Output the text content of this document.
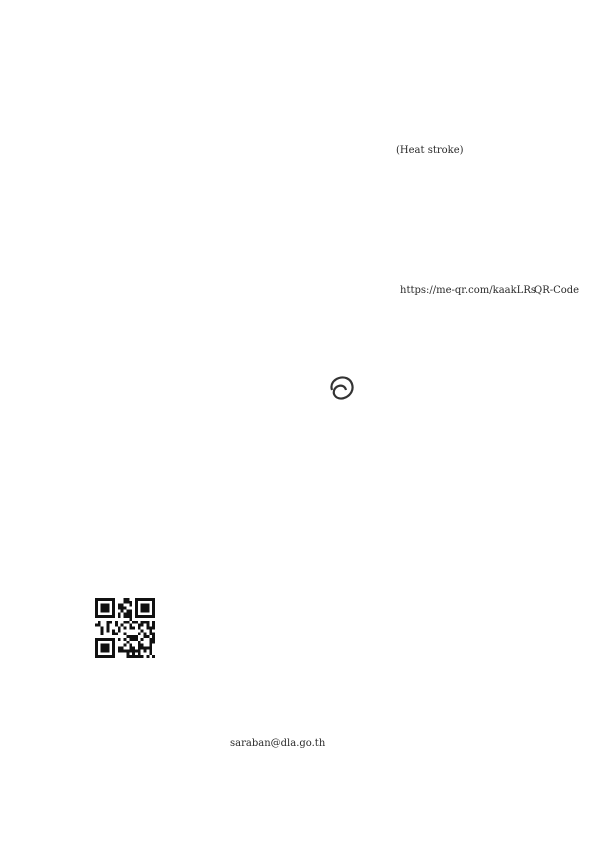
(Heat stroke)
https://me-qr.com/kaakLRs
QR-Code
saraban@dla.go.th
